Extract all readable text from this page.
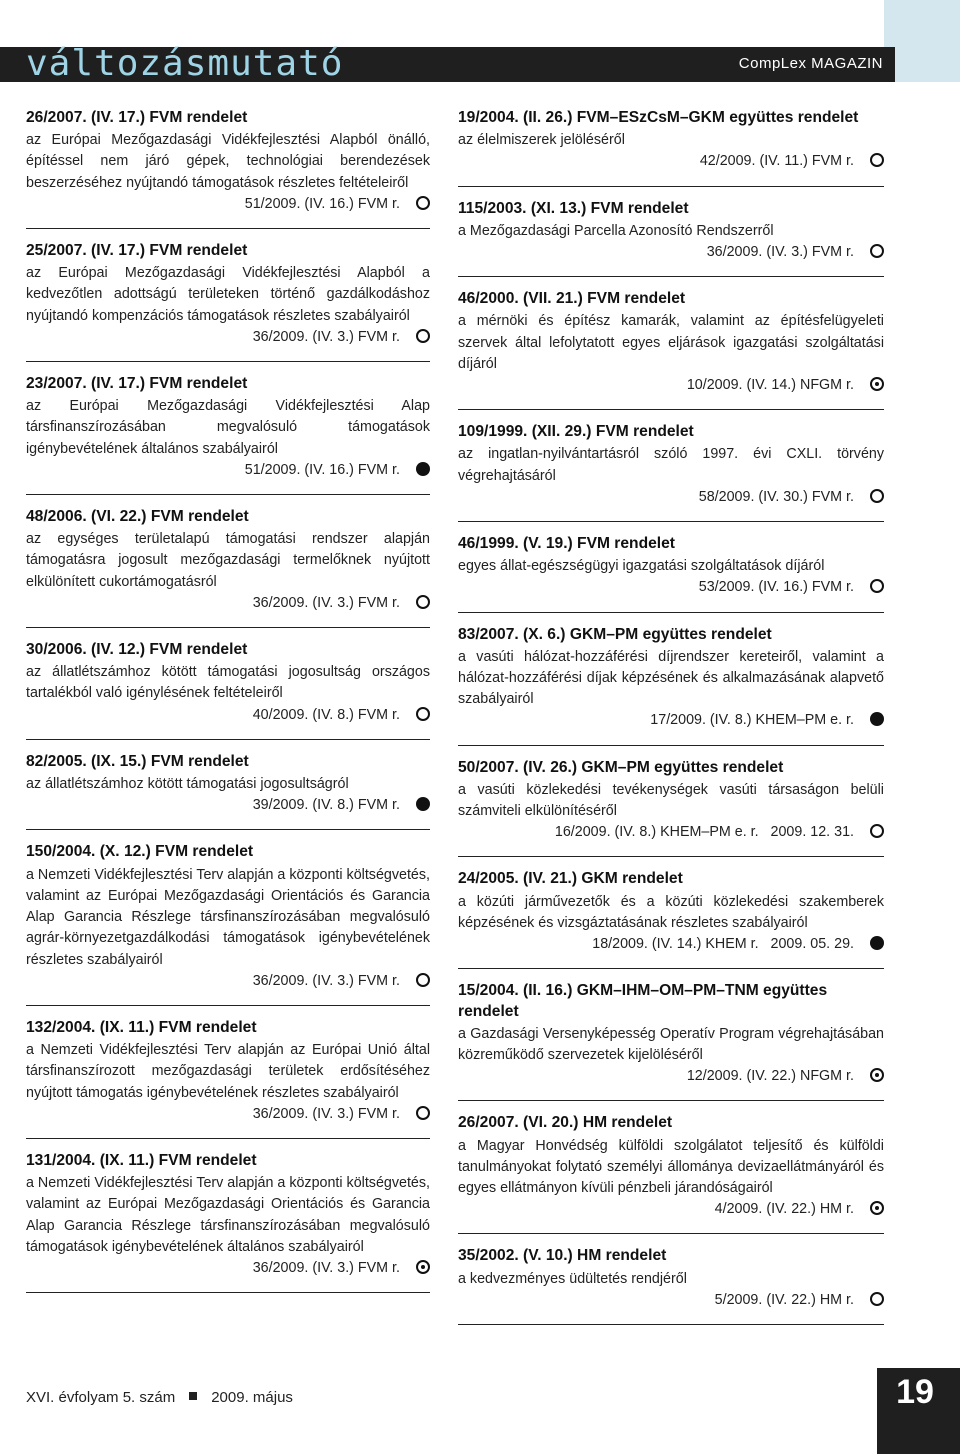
változásmutató	CompLex MAGAZIN
26/2007. (IV. 17.) FVM rendelet

az Európai Mezőgazdasági Vidékfejlesztési Alapból önálló, építéssel nem járó gépek, technológiai berendezések beszerzéséhez nyújtandó támogatások részletes feltételeiről

51/2009. (IV. 16.) FVM r.

25/2007. (IV. 17.) FVM rendelet

az Európai Mezőgazdasági Vidékfejlesztési Alapból a kedvezőtlen adottságú területeken történő gazdálkodáshoz nyújtandó kompenzációs támogatások részletes szabályairól

36/2009. (IV. 3.) FVM r.

23/2007. (IV. 17.) FVM rendelet

az Európai Mezőgazdasági Vidékfejlesztési Alap társfinanszírozásában megvalósuló támogatások igénybevételének általános szabályairól

51/2009. (IV. 16.) FVM r.

48/2006. (VI. 22.) FVM rendelet

az egységes területalapú támogatási rendszer alapján támogatásra jogosult mezőgazdasági termelőknek nyújtott elkülönített cukortámogatásról

36/2009. (IV. 3.) FVM r.

30/2006. (IV. 12.) FVM rendelet

az állatlétszámhoz kötött támogatási jogosultság országos tartalékból való igénylésének feltételeiről

40/2009. (IV. 8.) FVM r.

82/2005. (IX. 15.) FVM rendelet

az állatlétszámhoz kötött támogatási jogosultságról

39/2009. (IV. 8.) FVM r.

150/2004. (X. 12.) FVM rendelet

a Nemzeti Vidékfejlesztési Terv alapján a központi költségvetés, valamint az Európai Mezőgazdasági Orientációs és Garancia Alap Garancia Részlege társfinanszírozásában megvalósuló agrár-környezetgazdálkodási támogatások igénybevételének részletes szabályairól

36/2009. (IV. 3.) FVM r.

132/2004. (IX. 11.) FVM rendelet

a Nemzeti Vidékfejlesztési Terv alapján az Európai Unió által társfinanszírozott mezőgazdasági területek erdősítéséhez nyújtott támogatás igénybevételének részletes szabályairól

36/2009. (IV. 3.) FVM r.

131/2004. (IX. 11.) FVM rendelet

a Nemzeti Vidékfejlesztési Terv alapján a központi költségvetés, valamint az Európai Mezőgazdasági Orientációs és Garancia Alap Garancia Részlege társfinanszírozásában megvalósuló támogatások igénybevételének általános szabályairól

36/2009. (IV. 3.) FVM r.

19/2004. (II. 26.) FVM–ESzCsM–GKM együttes rendelet

az élelmiszerek jelöléséről

42/2009. (IV. 11.) FVM r.

115/2003. (XI. 13.) FVM rendelet

a Mezőgazdasági Parcella Azonosító Rendszerről

36/2009. (IV. 3.) FVM r.

46/2000. (VII. 21.) FVM rendelet

a mérnöki és építész kamarák, valamint az építésfelügyeleti szervek által lefolytatott egyes eljárások igazgatási szolgáltatási díjáról

10/2009. (IV. 14.) NFGM r.

109/1999. (XII. 29.) FVM rendelet

az ingatlan-nyilvántartásról szóló 1997. évi CXLI. törvény végrehajtásáról

58/2009. (IV. 30.) FVM r.

46/1999. (V. 19.) FVM rendelet

egyes állat-egészségügyi igazgatási szolgáltatások díjáról

53/2009. (IV. 16.) FVM r.

83/2007. (X. 6.) GKM–PM együttes rendelet

a vasúti hálózat-hozzáférési díjrendszer kereteiről, valamint a hálózat-hozzáférési díjak képzésének és alkalmazásának alapvető szabályairól

17/2009. (IV. 8.) KHEM–PM e. r.

50/2007. (IV. 26.) GKM–PM együttes rendelet

a vasúti közlekedési tevékenységek vasúti társaságon belüli számviteli elkülönítéséről

16/2009. (IV. 8.) KHEM–PM e. r.   2009. 12. 31.

24/2005. (IV. 21.) GKM rendelet

a közúti járművezetők és a közúti közlekedési szakemberek képzésének és vizsgáztatásának részletes szabályairól

18/2009. (IV. 14.) KHEM r.   2009. 05. 29.

15/2004. (II. 16.) GKM–IHM–OM–PM–TNM együttes rendelet

a Gazdasági Versenyképesség Operatív Program végrehajtásában közreműködő szervezetek kijelöléséről

12/2009. (IV. 22.) NFGM r.

26/2007. (VI. 20.) HM rendelet

a Magyar Honvédség külföldi szolgálatot teljesítő és külföldi tanulmányokat folytató személyi állománya devizaellátmányáról és egyes ellátmányon kívüli pénzbeli járandóságairól

4/2009. (IV. 22.) HM r.

35/2002. (V. 10.) HM rendelet

a kedvezményes üdültetés rendjéről

5/2009. (IV. 22.) HM r.

XVI. évfolyam 5. szám 2009. május	19
